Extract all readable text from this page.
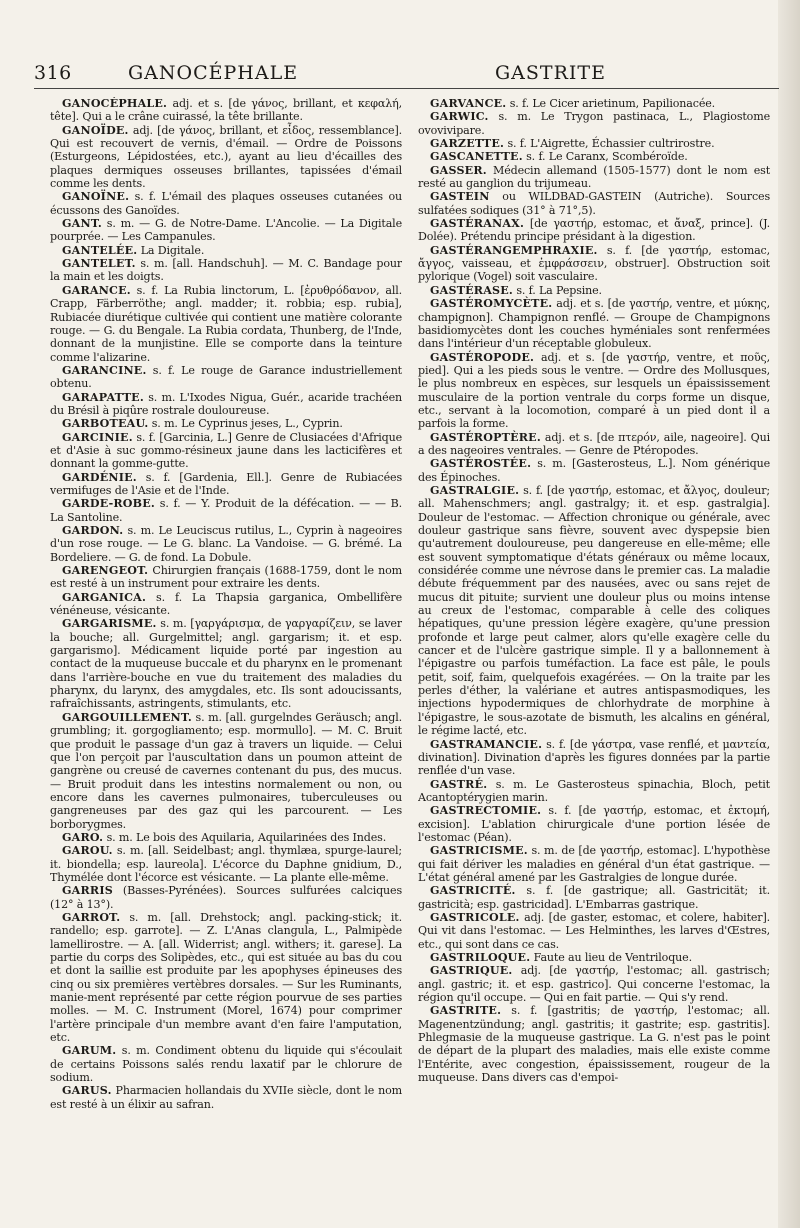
316	GANOCÉPHALE	GASTRITE

GANOCÉPHALE. adj. et s. [de γάνος, brillant, et κεφαλή, tête]. Qui a le crâne cuirassé, la tête brillante.

GANOÏDE. adj. [de γάνος, brillant, et εἶδος, ressemblance]. Qui est recouvert de vernis, d'émail. — Ordre de Poissons (Esturgeons, Lépidostées, etc.), ayant au lieu d'écailles des plaques dermiques osseuses brillantes, tapissées d'émail comme les dents.

GANOÏNE. s. f. L'émail des plaques osseuses cutanées ou écussons des Ganoïdes.

GANT. s. m. — G. de Notre-Dame. L'Ancolie. — La Digitale pourprée. — Les Campanules.

GANTELÉE. La Digitale.

GANTELET. s. m. [all. Handschuh]. — M. C. Bandage pour la main et les doigts.

GARANCE. s. f. La Rubia linctorum, L. [ἐρυθρόδανον, all. Crapp, Färberröthe; angl. madder; it. robbia; esp. rubia], Rubiacée diurétique cultivée qui contient une matière colorante rouge. — G. du Bengale. La Rubia cordata, Thunberg, de l'Inde, donnant de la munjistine. Elle se comporte dans la teinture comme l'alizarine.

GARANCINE. s. f. Le rouge de Garance industriellement obtenu.

GARAPATTE. s. m. L'Ixodes Nigua, Guér., acaride trachéen du Brésil à piqûre rostrale douloureuse.

GARBOTEAU. s. m. Le Cyprinus jeses, L., Cyprin.

GARCINIE. s. f. [Garcinia, L.] Genre de Clusiacées d'Afrique et d'Asie à suc gommo-résineux jaune dans les lacticifères et donnant la gomme-gutte.

GARDÉNIE. s. f. [Gardenia, Ell.]. Genre de Rubiacées vermifuges de l'Asie et de l'Inde.

GARDE-ROBE. s. f. — Y. Produit de la défécation. — — B. La Santoline.

GARDON. s. m. Le Leuciscus rutilus, L., Cyprin à nageoires d'un rose rouge. — Le G. blanc. La Vandoise. — G. brémé. La Bordeliere. — G. de fond. La Dobule.

GARENGEOT. Chirurgien français (1688-1759, dont le nom est resté à un instrument pour extraire les dents.

GARGANICA. s. f. La Thapsia garganica, Ombellifère vénéneuse, vésicante.

GARGARISME. s. m. [γαργάρισμα, de γαργαρίζειν, se laver la bouche; all. Gurgelmittel; angl. gargarism; it. et esp. gargarismo]. Médicament liquide porté par ingestion au contact de la muqueuse buccale et du pharynx en le promenant dans l'arrière-bouche en vue du traitement des maladies du pharynx, du larynx, des amygdales, etc. Ils sont adoucissants, rafraîchissants, astringents, stimulants, etc.

GARGOUILLEMENT. s. m. [all. gurgelndes Geräusch; angl. grumbling; it. gorgogliamento; esp. mormullo]. — M. C. Bruit que produit le passage d'un gaz à travers un liquide. — Celui que l'on perçoit par l'auscultation dans un poumon atteint de gangrène ou creusé de cavernes contenant du pus, des mucus. — Bruit produit dans les intestins normalement ou non, ou encore dans les cavernes pulmonaires, tuberculeuses ou gangreneuses par des gaz qui les parcourent. — Les borborygmes.

GARO. s. m. Le bois des Aquilaria, Aquilarinées des Indes.

GAROU. s. m. [all. Seidelbast; angl. thymlæa, spurge-laurel; it. biondella; esp. laureola]. L'écorce du Daphne gnidium, D., Thymélée dont l'écorce est vésicante. — La plante elle-même.

GARRIS (Basses-Pyrénées). Sources sulfurées calciques (12° à 13°).

GARROT. s. m. [all. Drehstock; angl. packing-stick; it. randello; esp. garrote]. — Z. L'Anas clangula, L., Palmipède lamellirostre. — A. [all. Widerrist; angl. withers; it. garese]. La partie du corps des Solipèdes, etc., qui est située au bas du cou et dont la saillie est produite par les apophyses épineuses des cinq ou six premières vertèbres dorsales. — Sur les Ruminants, manie-ment représenté par cette région pourvue de ses parties molles. — M. C. Instrument (Morel, 1674) pour comprimer l'artère principale d'un membre avant d'en faire l'amputation, etc.

GARUM. s. m. Condiment obtenu du liquide qui s'écoulait de certains Poissons salés rendu laxatif par le chlorure de sodium.

GARUS. Pharmacien hollandais du XVIIe siècle, dont le nom est resté à un élixir au safran.

GARVANCE. s. f. Le Cicer arietinum, Papilionacée.

GARWIC. s. m. Le Trygon pastinaca, L., Plagiostome ovovivipare.

GARZETTE. s. f. L'Aigrette, Échassier cultrirostre.

GASCANETTE. s. f. Le Caranx, Scombéroïde.

GASSER. Médecin allemand (1505-1577) dont le nom est resté au ganglion du trijumeau.

GASTEIN ou WILDBAD-GASTEIN (Autriche). Sources sulfatées sodiques (31° à 71°,5).

GASTÉRANAX. [de γαστήρ, estomac, et ἄναξ, prince]. (J. Dolée). Prétendu principe présidant à la digestion.

GASTÉRANGEMPHRAXIE. s. f. [de γαστήρ, estomac, ἄγγος, vaisseau, et ἐμφράσσειν, obstruer]. Obstruction soit pylorique (Vogel) soit vasculaire.

GASTÉRASE. s. f. La Pepsine.

GASTÉROMYCÈTE. adj. et s. [de γαστήρ, ventre, et μύκης, champignon]. Champignon renflé. — Groupe de Champignons basidiomycètes dont les couches hyméniales sont renfermées dans l'intérieur d'un réceptable globuleux.

GASTÉROPODE. adj. et s. [de γαστήρ, ventre, et ποῦς, pied]. Qui a les pieds sous le ventre. — Ordre des Mollusques, le plus nombreux en espèces, sur lesquels un épaississement musculaire de la portion ventrale du corps forme un disque, etc., servant à la locomotion, comparé à un pied dont il a parfois la forme.

GASTÉROPTÈRE. adj. et s. [de πτερόν, aile, nageoire]. Qui a des nageoires ventrales. — Genre de Ptéropodes.

GASTÉROSTÉE. s. m. [Gasterosteus, L.]. Nom générique des Épinoches.

GASTRALGIE. s. f. [de γαστήρ, estomac, et ἄλγος, douleur; all. Mahenschmers; angl. gastralgy; it. et esp. gastralgia]. Douleur de l'estomac. — Affection chronique ou générale, avec douleur gastrique sans fièvre, souvent avec dyspepsie bien qu'autrement douloureuse, peu dangereuse en elle-même; elle est souvent symptomatique d'états généraux ou même locaux, considérée comme une névrose dans le premier cas. La maladie débute fréquemment par des nausées, avec ou sans rejet de mucus dit pituite; survient une douleur plus ou moins intense au creux de l'estomac, comparable à celle des coliques hépatiques, qu'une pression légère exagère, qu'une pression profonde et large peut calmer, alors qu'elle exagère celle du cancer et de l'ulcère gastrique simple. Il y a ballonnement à l'épigastre ou parfois tuméfaction. La face est pâle, le pouls petit, soif, faim, quelquefois exagérées. — On la traite par les perles d'éther, la valériane et autres antispasmodiques, les injections hypodermiques de chlorhydrate de morphine à l'épigastre, le sous-azotate de bismuth, les alcalins en général, le régime lacté, etc.

GASTRAMANCIE. s. f. [de γάστρα, vase renflé, et μαντεία, divination]. Divination d'après les figures données par la partie renflée d'un vase.

GASTRÉ. s. m. Le Gasterosteus spinachia, Bloch, petit Acantoptérygien marin.

GASTRECTOMIE. s. f. [de γαστήρ, estomac, et ἐκτομή, excision]. L'ablation chirurgicale d'une portion lésée de l'estomac (Péan).

GASTRICISME. s. m. de [de γαστήρ, estomac]. L'hypothèse qui fait dériver les maladies en général d'un état gastrique. — L'état général amené par les Gastralgies de longue durée.

GASTRICITÉ. s. f. [de gastrique; all. Gastricität; it. gastricità; esp. gastricidad]. L'Embarras gastrique.

GASTRICOLE. adj. [de gaster, estomac, et colere, habiter]. Qui vit dans l'estomac. — Les Helminthes, les larves d'Œstres, etc., qui sont dans ce cas.

GASTRILOQUE. Faute au lieu de Ventriloque.

GASTRIQUE. adj. [de γαστήρ, l'estomac; all. gastrisch; angl. gastric; it. et esp. gastrico]. Qui concerne l'estomac, la région qu'il occupe. — Qui en fait partie. — Qui s'y rend.

GASTRITE. s. f. [gastritis; de γαστήρ, l'estomac; all. Magenentzündung; angl. gastritis; it gastrite; esp. gastritis]. Phlegmasie de la muqueuse gastrique. La G. n'est pas le point de départ de la plupart des maladies, mais elle existe comme l'Entérite, avec congestion, épaississement, rougeur de la muqueuse. Dans divers cas d'empoi-
